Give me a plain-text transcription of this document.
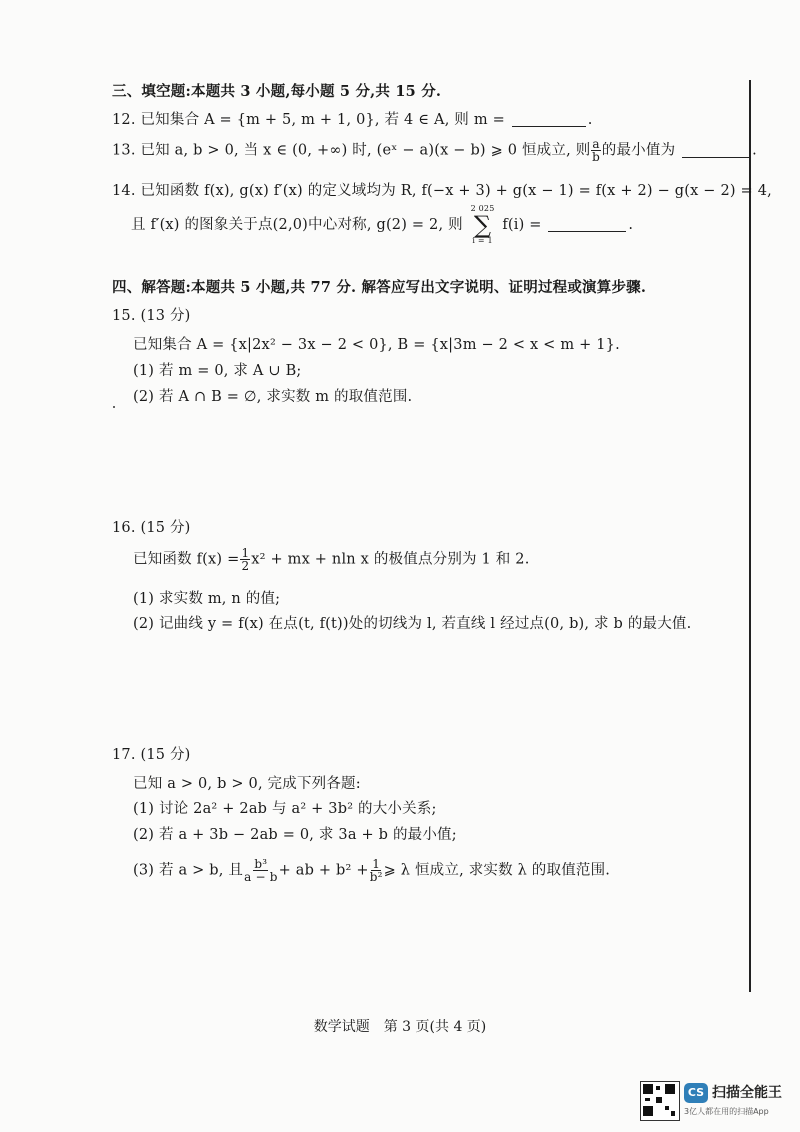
三、填空题:本题共 3 小题,每小题 5 分,共 15 分.
12. 已知集合 A = {m + 5, m + 1, 0}, 若 4 ∈ A, 则 m =	.
13. 已知 a, b > 0, 当 x ∈ (0, +∞) 时, (eˣ − a)(x − b) ⩾ 0 恒成立, 则 $\frac{a}{b}$ 的最小值为	.
14. 已知函数 f(x), g(x) f′(x) 的定义域均为 R, f(−x + 3) + g(x − 1) = f(x + 2) − g(x − 2) = 4,
且 f′(x) 的图象关于点(2,0)中心对称, g(2) = 2, 则
2 025
∑
i = 1
f(i) =	.
四、解答题:本题共 5 小题,共 77 分. 解答应写出文字说明、证明过程或演算步骤.
15. (13 分)
已知集合 A = {x|2x² − 3x − 2 < 0}, B = {x|3m − 2 < x < m + 1}.
(1) 若 m = 0, 求 A ∪ B;
(2) 若 A ∩ B = ∅, 求实数 m 的取值范围.
16. (15 分)
已知函数 $f(x) = \frac{1}{2} x^2$ + mx + nln x 的极值点分别为 1 和 2.
(1) 求实数 m, n 的值;
(2) 记曲线 y = f(x) 在点(t, f(t))处的切线为 l, 若直线 l 经过点(0, b), 求 b 的最大值.
17. (15 分)
已知 a > 0, b > 0, 完成下列各题:
(1) 讨论 2a² + 2ab 与 a² + 3b² 的大小关系;
(2) 若 a + 3b − 2ab = 0, 求 3a + b 的最小值;
(3) 若 a > b, 且 $\frac{\text{b³}}{a - b}$ + ab + $b^2 + \frac{1}{\text{b²}}$ ⩾ λ 恒成立, 求实数 λ 的取值范围.
数学试题　第 3 页(共 4 页)
CS 扫描全能王
3亿人都在用的扫描App
